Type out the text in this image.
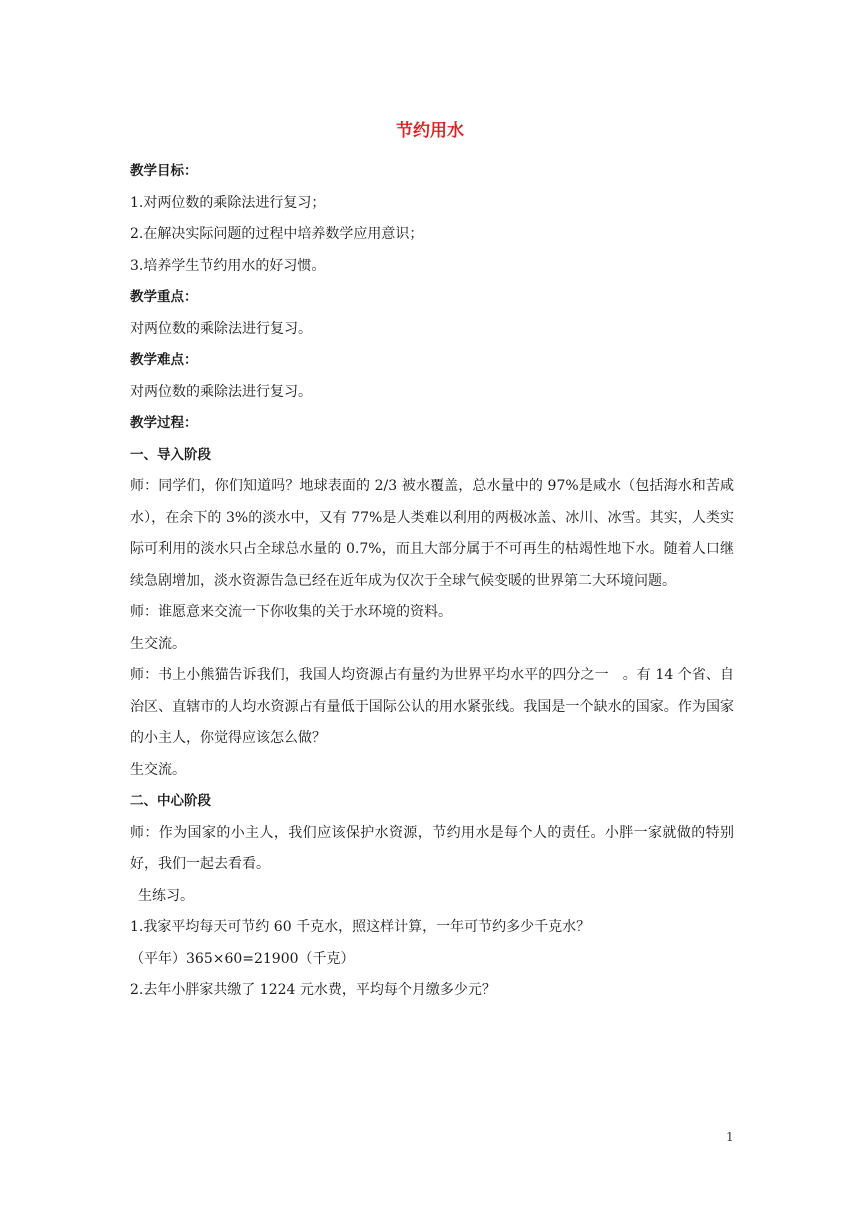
节约用水

教学目标：

1.对两位数的乘除法进行复习；

2.在解决实际问题的过程中培养数学应用意识；

3.培养学生节约用水的好习惯。

教学重点：

对两位数的乘除法进行复习。

教学难点：

对两位数的乘除法进行复习。

教学过程：

一、导入阶段

师：同学们，你们知道吗？地球表面的 2/3 被水覆盖，总水量中的 97%是咸水（包括海水和苦咸水），在余下的 3%的淡水中，又有 77%是人类难以利用的两极冰盖、冰川、冰雪。其实，人类实际可利用的淡水只占全球总水量的 0.7%，而且大部分属于不可再生的枯竭性地下水。随着人口继续急剧增加，淡水资源告急已经在近年成为仅次于全球气候变暖的世界第二大环境问题。

师：谁愿意来交流一下你收集的关于水环境的资料。

生交流。

师：书上小熊猫告诉我们，我国人均资源占有量约为世界平均水平的四分之一　。有 14 个省、自治区、直辖市的人均水资源占有量低于国际公认的用水紧张线。我国是一个缺水的国家。作为国家的小主人，你觉得应该怎么做？

生交流。

二、中心阶段

师：作为国家的小主人，我们应该保护水资源，节约用水是每个人的责任。小胖一家就做的特别好，我们一起去看看。

生练习。

1.我家平均每天可节约 60 千克水，照这样计算，一年可节约多少千克水？

（平年）365×60=21900（千克）

2.去年小胖家共缴了 1224 元水费，平均每个月缴多少元？

1
